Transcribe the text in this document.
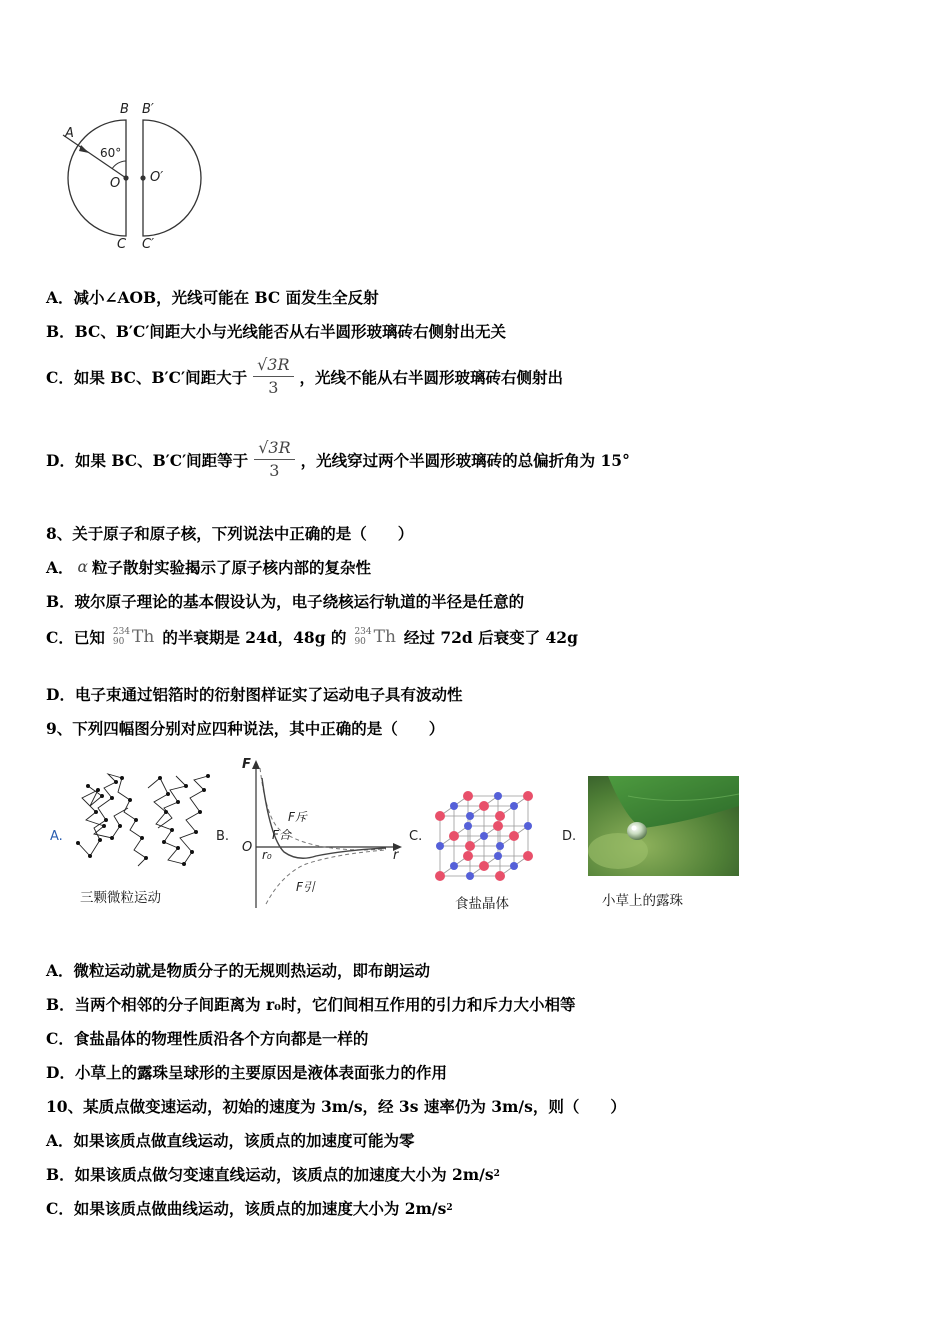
A
B B′
60°
O O′
C C′
A．减小∠AOB，光线可能在 BC 面发生全反射
B．BC、B′C′间距大小与光线能否从右半圆形玻璃砖右侧射出无关
C．如果 BC、B′C′间距大于 $\frac{√3R}{3}$ ，光线不能从右半圆形玻璃砖右侧射出
D．如果 BC、B′C′间距等于 $\frac{√3R}{3}$ ，光线穿过两个半圆形玻璃砖的总偏折角为 15°
8、关于原子和原子核，下列说法中正确的是（　　）
A． α 粒子散射实验揭示了原子核内部的复杂性
B．玻尔原子理论的基本假设认为，电子绕核运行轨道的半径是任意的
C．已知 234
90 Th 的半衰期是 24d，48g 的 234
90 Th 经过 72d 后衰变了 42g
D．电子束通过铝箔时的衍射图样证实了运动电子具有波动性
9、下列四幅图分别对应四种说法，其中正确的是（　　）
A.
三颗微粒运动
B.
F
r
O r₀
F斥
F合
F引
C.
食盐晶体
D.
小草上的露珠
A．微粒运动就是物质分子的无规则热运动，即布朗运动
B．当两个相邻的分子间距离为 r₀时，它们间相互作用的引力和斥力大小相等
C．食盐晶体的物理性质沿各个方向都是一样的
D．小草上的露珠呈球形的主要原因是液体表面张力的作用
10、某质点做变速运动，初始的速度为 3m/s，经 3s 速率仍为 3m/s，则（　　）
A．如果该质点做直线运动，该质点的加速度可能为零
B．如果该质点做匀变速直线运动，该质点的加速度大小为 2m/s 2
C．如果该质点做曲线运动，该质点的加速度大小为 2m/s 2
